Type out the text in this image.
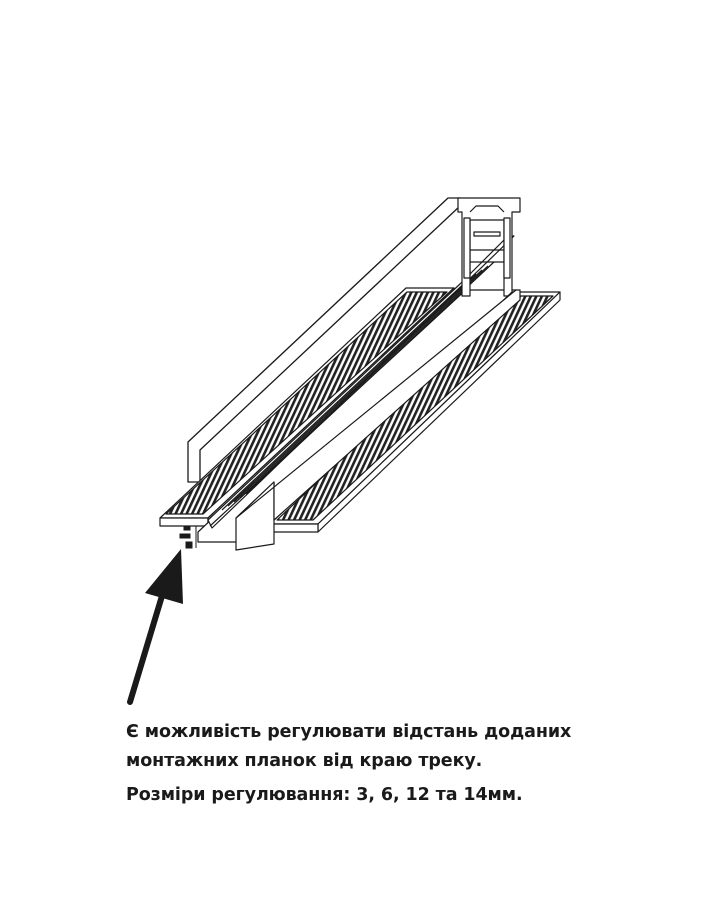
Є можливість регулювати відстань доданих

монтажних планок від краю треку.

Розміри регулювання: 3, 6, 12 та 14мм.
